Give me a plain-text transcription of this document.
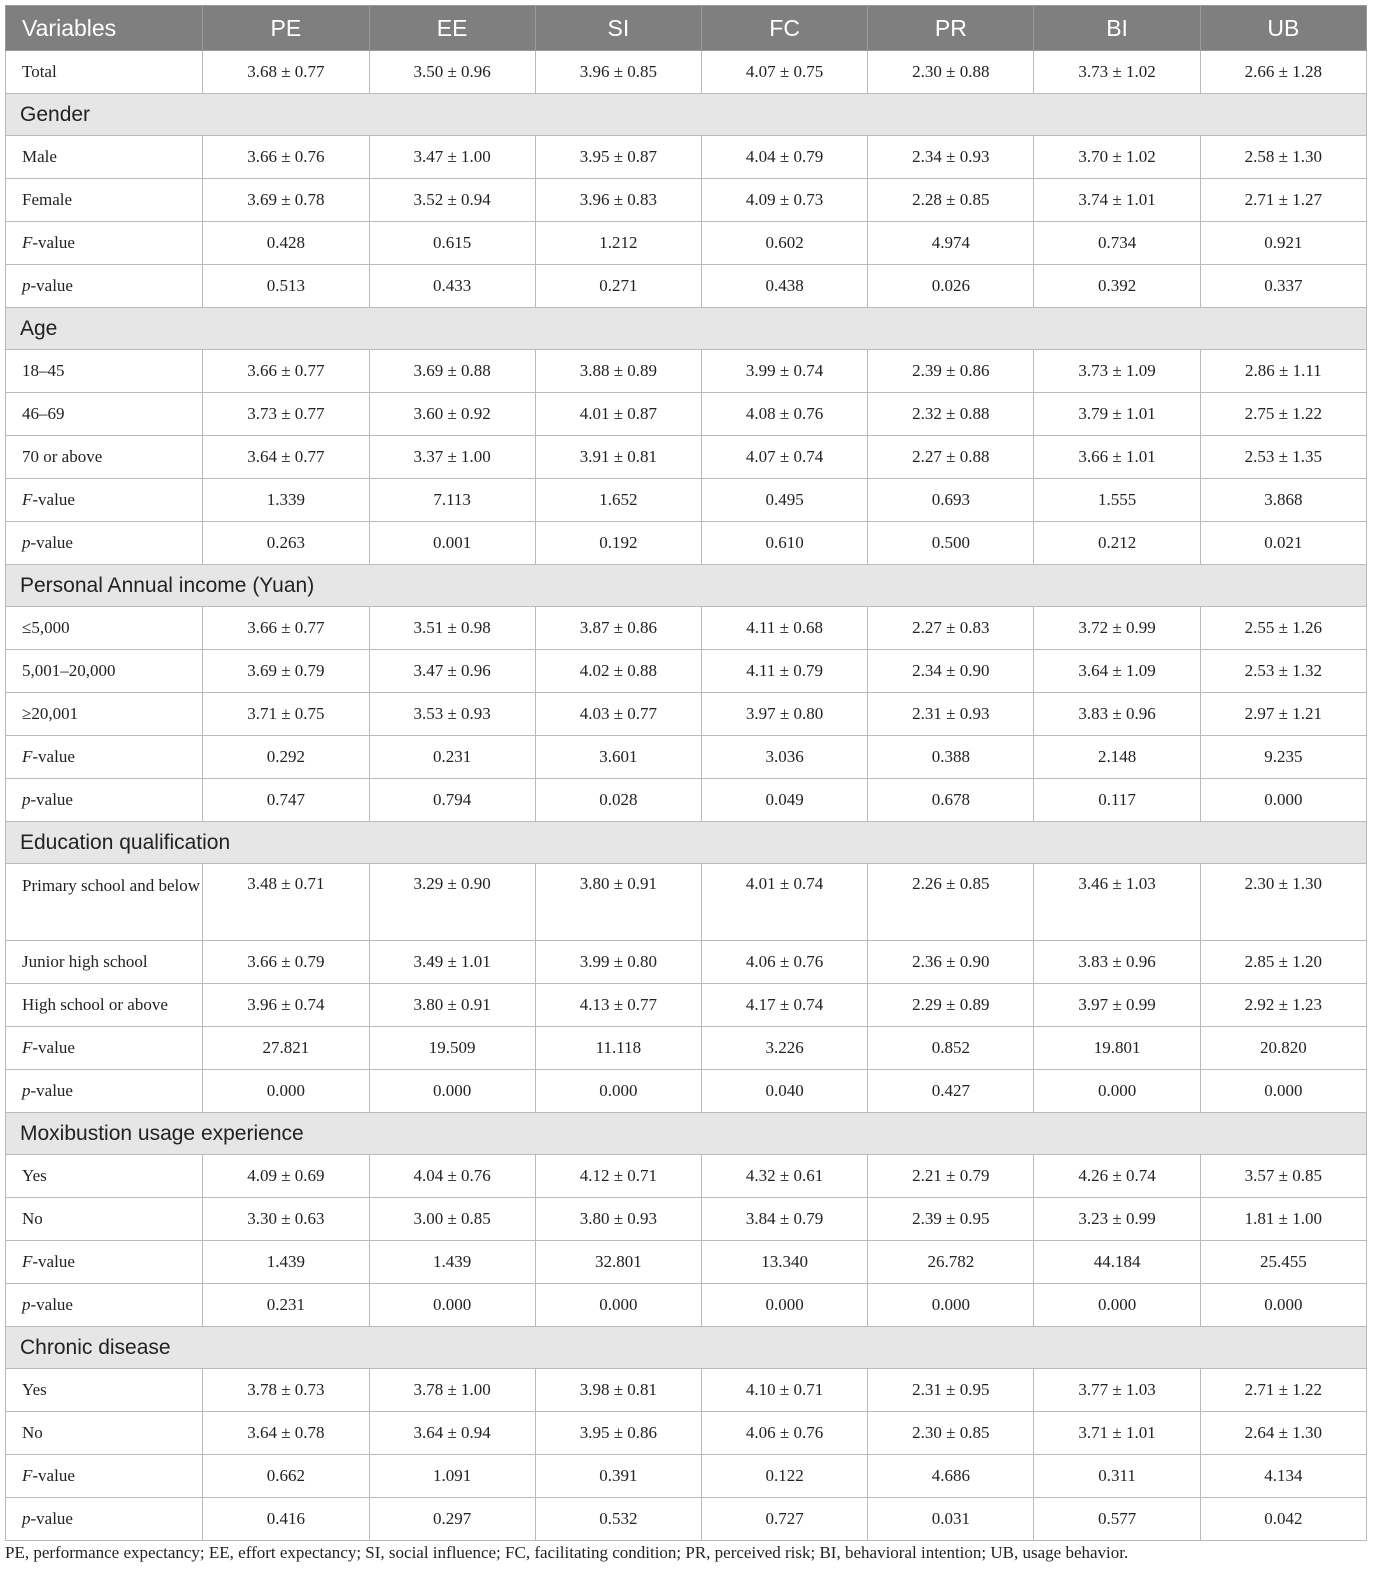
Variables	PE	EE	SI	FC	PR	BI	UB
Total	3.68 ± 0.77	3.50 ± 0.96	3.96 ± 0.85	4.07 ± 0.75	2.30 ± 0.88	3.73 ± 1.02	2.66 ± 1.28
Gender							
Male	3.66 ± 0.76	3.47 ± 1.00	3.95 ± 0.87	4.04 ± 0.79	2.34 ± 0.93	3.70 ± 1.02	2.58 ± 1.30
Female	3.69 ± 0.78	3.52 ± 0.94	3.96 ± 0.83	4.09 ± 0.73	2.28 ± 0.85	3.74 ± 1.01	2.71 ± 1.27
F-value	0.428	0.615	1.212	0.602	4.974	0.734	0.921
p-value	0.513	0.433	0.271	0.438	0.026	0.392	0.337
Age							
18–45	3.66 ± 0.77	3.69 ± 0.88	3.88 ± 0.89	3.99 ± 0.74	2.39 ± 0.86	3.73 ± 1.09	2.86 ± 1.11
46–69	3.73 ± 0.77	3.60 ± 0.92	4.01 ± 0.87	4.08 ± 0.76	2.32 ± 0.88	3.79 ± 1.01	2.75 ± 1.22
70 or above	3.64 ± 0.77	3.37 ± 1.00	3.91 ± 0.81	4.07 ± 0.74	2.27 ± 0.88	3.66 ± 1.01	2.53 ± 1.35
F-value	1.339	7.113	1.652	0.495	0.693	1.555	3.868
p-value	0.263	0.001	0.192	0.610	0.500	0.212	0.021
Personal Annual income (Yuan)							
≤5,000	3.66 ± 0.77	3.51 ± 0.98	3.87 ± 0.86	4.11 ± 0.68	2.27 ± 0.83	3.72 ± 0.99	2.55 ± 1.26
5,001–20,000	3.69 ± 0.79	3.47 ± 0.96	4.02 ± 0.88	4.11 ± 0.79	2.34 ± 0.90	3.64 ± 1.09	2.53 ± 1.32
≥20,001	3.71 ± 0.75	3.53 ± 0.93	4.03 ± 0.77	3.97 ± 0.80	2.31 ± 0.93	3.83 ± 0.96	2.97 ± 1.21
F-value	0.292	0.231	3.601	3.036	0.388	2.148	9.235
p-value	0.747	0.794	0.028	0.049	0.678	0.117	0.000
Education qualification							
Primary school and below	3.48 ± 0.71	3.29 ± 0.90	3.80 ± 0.91	4.01 ± 0.74	2.26 ± 0.85	3.46 ± 1.03	2.30 ± 1.30
Junior high school	3.66 ± 0.79	3.49 ± 1.01	3.99 ± 0.80	4.06 ± 0.76	2.36 ± 0.90	3.83 ± 0.96	2.85 ± 1.20
High school or above	3.96 ± 0.74	3.80 ± 0.91	4.13 ± 0.77	4.17 ± 0.74	2.29 ± 0.89	3.97 ± 0.99	2.92 ± 1.23
F-value	27.821	19.509	11.118	3.226	0.852	19.801	20.820
p-value	0.000	0.000	0.000	0.040	0.427	0.000	0.000
Moxibustion usage experience							
Yes	4.09 ± 0.69	4.04 ± 0.76	4.12 ± 0.71	4.32 ± 0.61	2.21 ± 0.79	4.26 ± 0.74	3.57 ± 0.85
No	3.30 ± 0.63	3.00 ± 0.85	3.80 ± 0.93	3.84 ± 0.79	2.39 ± 0.95	3.23 ± 0.99	1.81 ± 1.00
F-value	1.439	1.439	32.801	13.340	26.782	44.184	25.455
p-value	0.231	0.000	0.000	0.000	0.000	0.000	0.000
Chronic disease							
Yes	3.78 ± 0.73	3.78 ± 1.00	3.98 ± 0.81	4.10 ± 0.71	2.31 ± 0.95	3.77 ± 1.03	2.71 ± 1.22
No	3.64 ± 0.78	3.64 ± 0.94	3.95 ± 0.86	4.06 ± 0.76	2.30 ± 0.85	3.71 ± 1.01	2.64 ± 1.30
F-value	0.662	1.091	0.391	0.122	4.686	0.311	4.134
p-value	0.416	0.297	0.532	0.727	0.031	0.577	0.042
PE, performance expectancy; EE, effort expectancy; SI, social influence; FC, facilitating condition; PR, perceived risk; BI, behavioral intention; UB, usage behavior.
